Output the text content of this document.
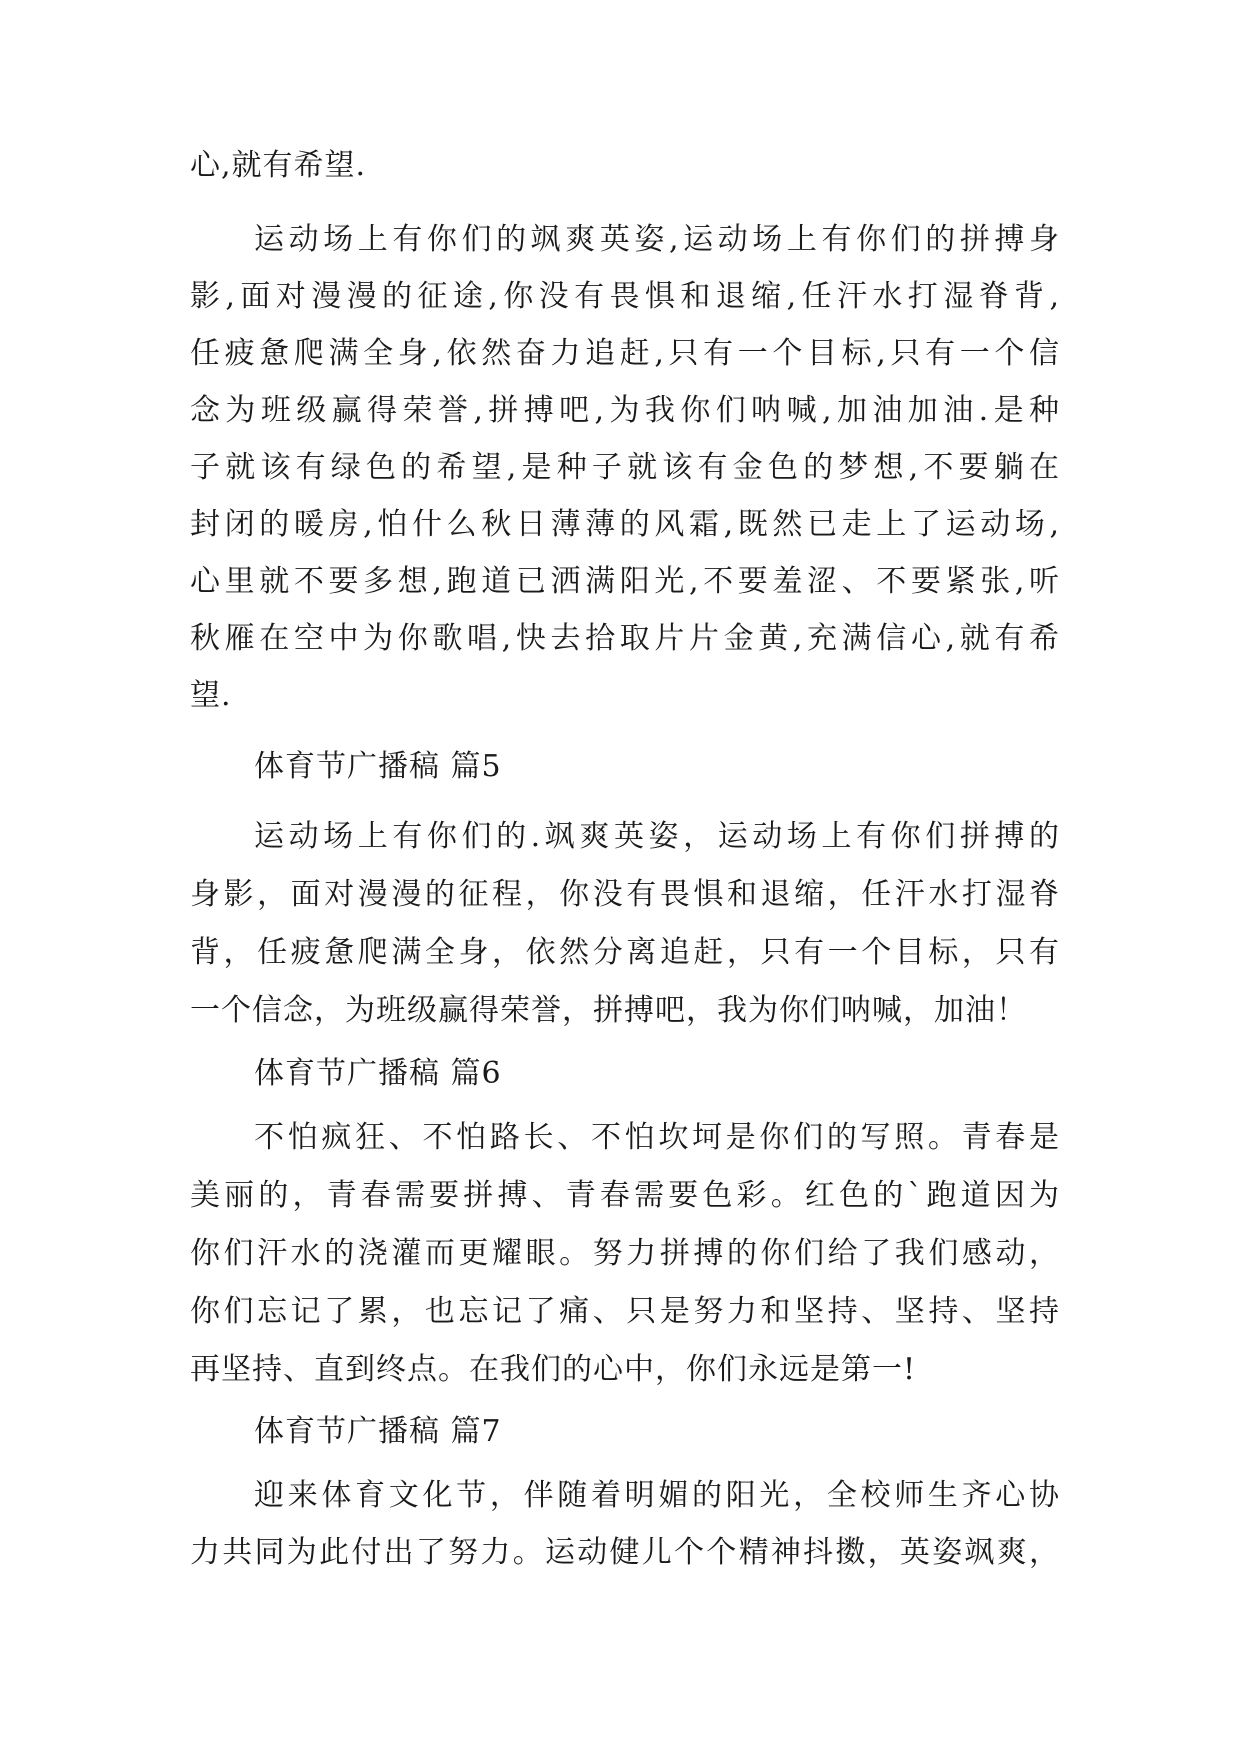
心,就有希望.
运动场上有你们的飒爽英姿,运动场上有你们的拼搏身
影,面对漫漫的征途,你没有畏惧和退缩,任汗水打湿脊背,
任疲惫爬满全身,依然奋力追赶,只有一个目标,只有一个信
念为班级赢得荣誉,拼搏吧,为我你们呐喊,加油加油.是种
子就该有绿色的希望,是种子就该有金色的梦想,不要躺在
封闭的暖房,怕什么秋日薄薄的风霜,既然已走上了运动场,
心里就不要多想,跑道已洒满阳光,不要羞涩、不要紧张,听
秋雁在空中为你歌唱,快去拾取片片金黄,充满信心,就有希
望.
体育节广播稿 篇5
运动场上有你们的.飒爽英姿，运动场上有你们拼搏的
身影，面对漫漫的征程，你没有畏惧和退缩，任汗水打湿脊
背，任疲惫爬满全身，依然分离追赶，只有一个目标，只有
一个信念，为班级赢得荣誉，拼搏吧，我为你们呐喊，加油！
体育节广播稿 篇6
不怕疯狂、不怕路长、不怕坎坷是你们的写照。青春是
美丽的，青春需要拼搏、青春需要色彩。红色的`跑道因为
你们汗水的浇灌而更耀眼。努力拼搏的你们给了我们感动，
你们忘记了累，也忘记了痛、只是努力和坚持、坚持、坚持
再坚持、直到终点。在我们的心中，你们永远是第一!
体育节广播稿 篇7
迎来体育文化节，伴随着明媚的阳光，全校师生齐心协
力共同为此付出了努力。运动健儿个个精神抖擞，英姿飒爽，
